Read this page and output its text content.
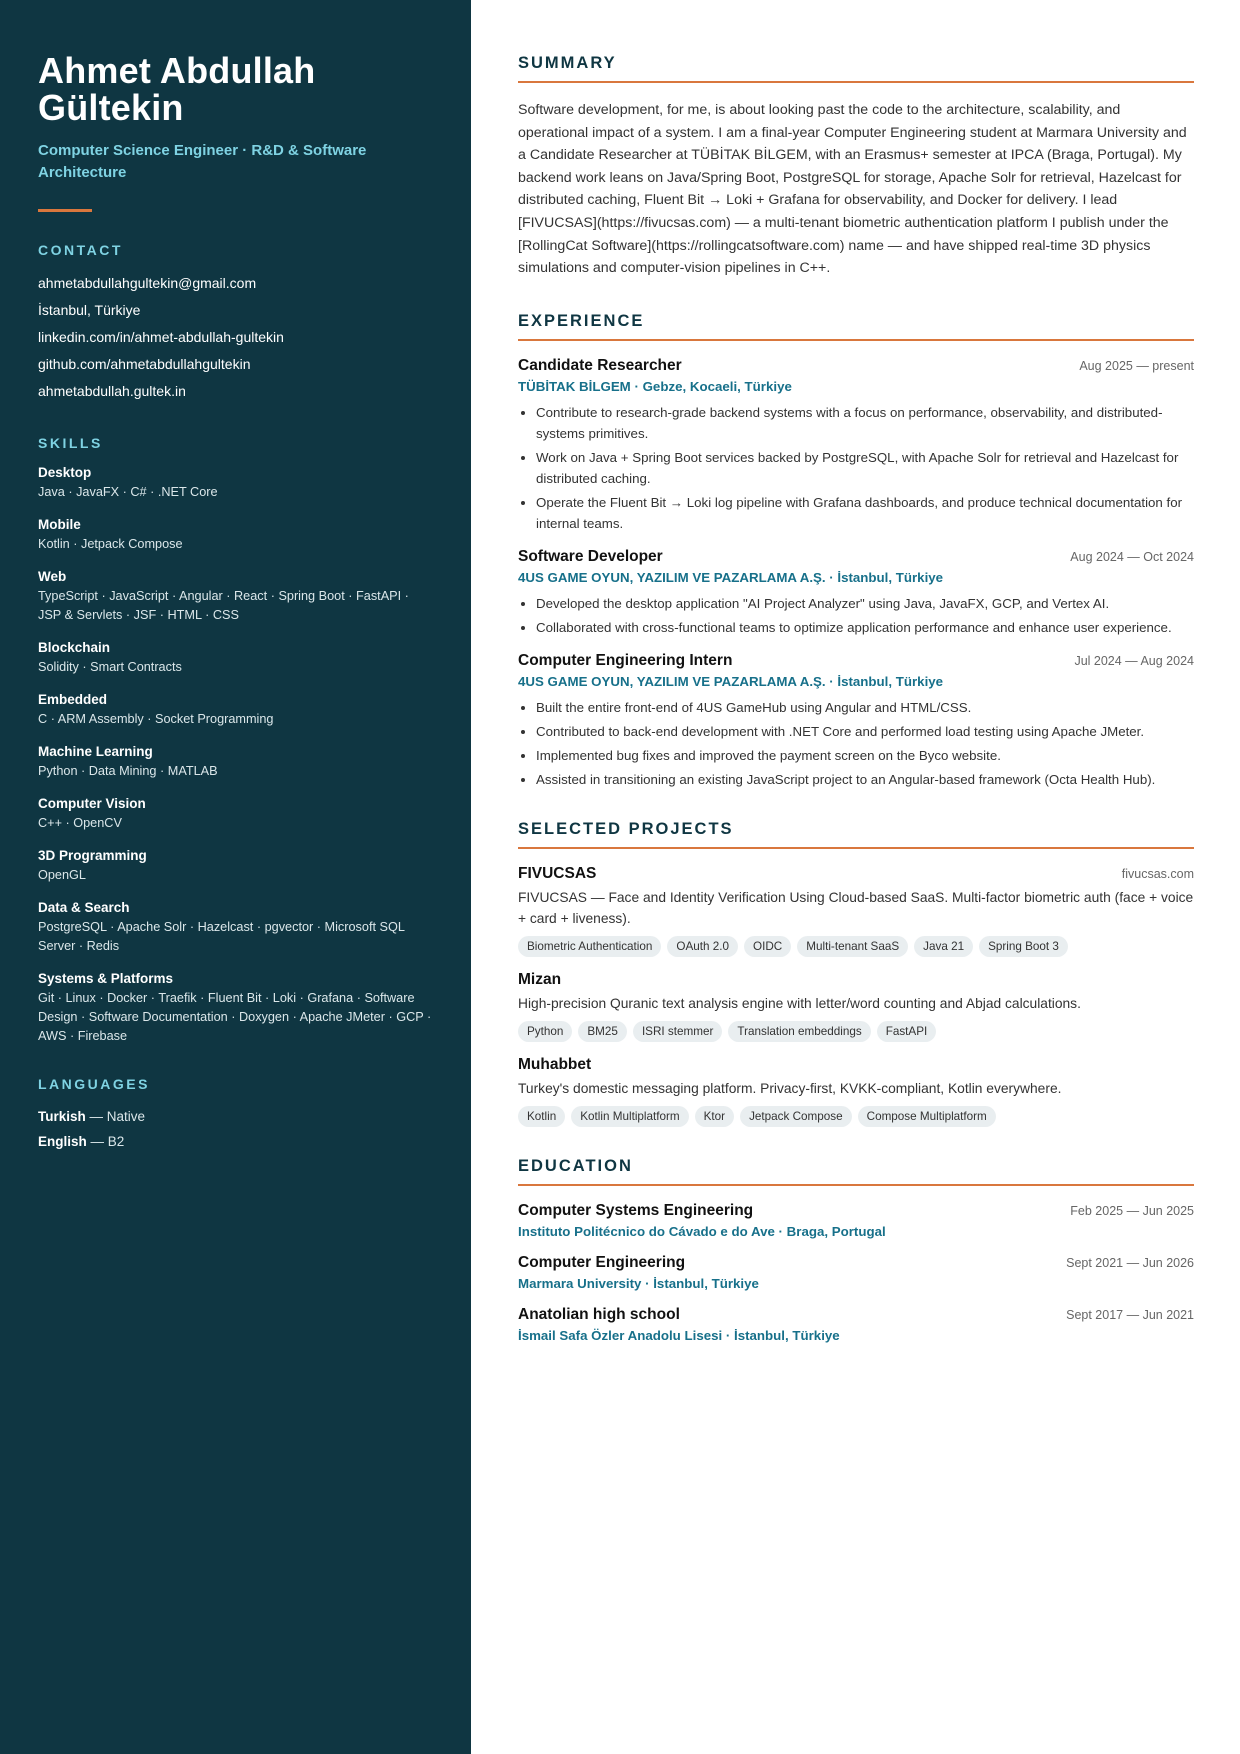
Ahmet Abdullah Gültekin
Computer Science Engineer · R&D & Software Architecture
CONTACT
ahmetabdullahgultekin@gmail.com
İstanbul, Türkiye
linkedin.com/in/ahmet-abdullah-gultekin
github.com/ahmetabdullahgultekin
ahmetabdullah.gultek.in
SKILLS
Desktop
Java · JavaFX · C# · .NET Core
Mobile
Kotlin · Jetpack Compose
Web
TypeScript · JavaScript · Angular · React · Spring Boot · FastAPI · JSP & Servlets · JSF · HTML · CSS
Blockchain
Solidity · Smart Contracts
Embedded
C · ARM Assembly · Socket Programming
Machine Learning
Python · Data Mining · MATLAB
Computer Vision
C++ · OpenCV
3D Programming
OpenGL
Data & Search
PostgreSQL · Apache Solr · Hazelcast · pgvector · Microsoft SQL Server · Redis
Systems & Platforms
Git · Linux · Docker · Traefik · Fluent Bit · Loki · Grafana · Software Design · Software Documentation · Doxygen · Apache JMeter · GCP · AWS · Firebase
LANGUAGES
Turkish — Native
English — B2
SUMMARY

Software development, for me, is about looking past the code to the architecture, scalability, and operational impact of a system. I am a final-year Computer Engineering student at Marmara University and a Candidate Researcher at TÜBİTAK BİLGEM, with an Erasmus+ semester at IPCA (Braga, Portugal). My backend work leans on Java/Spring Boot, PostgreSQL for storage, Apache Solr for retrieval, Hazelcast for distributed caching, Fluent Bit → Loki + Grafana for observability, and Docker for delivery. I lead [FIVUCSAS](https://fivucsas.com) — a multi-tenant biometric authentication platform I publish under the [RollingCat Software](https://rollingcatsoftware.com) name — and have shipped real-time 3D physics simulations and computer-vision pipelines in C++.

EXPERIENCE
Candidate Researcher	Aug 2025 — present
TÜBİTAK BİLGEM · Gebze, Kocaeli, Türkiye
• Contribute to research-grade backend systems with a focus on performance, observability, and distributed-systems primitives.
• Work on Java + Spring Boot services backed by PostgreSQL, with Apache Solr for retrieval and Hazelcast for distributed caching.
• Operate the Fluent Bit → Loki log pipeline with Grafana dashboards, and produce technical documentation for internal teams.
Software Developer	Aug 2024 — Oct 2024
4US GAME OYUN, YAZILIM VE PAZARLAMA A.Ş. · İstanbul, Türkiye
• Developed the desktop application "AI Project Analyzer" using Java, JavaFX, GCP, and Vertex AI.
• Collaborated with cross-functional teams to optimize application performance and enhance user experience.
Computer Engineering Intern	Jul 2024 — Aug 2024
4US GAME OYUN, YAZILIM VE PAZARLAMA A.Ş. · İstanbul, Türkiye
• Built the entire front-end of 4US GameHub using Angular and HTML/CSS.
• Contributed to back-end development with .NET Core and performed load testing using Apache JMeter.
• Implemented bug fixes and improved the payment screen on the Byco website.
• Assisted in transitioning an existing JavaScript project to an Angular-based framework (Octa Health Hub).
SELECTED PROJECTS
FIVUCSAS	fivucsas.com
FIVUCSAS — Face and Identity Verification Using Cloud-based SaaS. Multi-factor biometric auth (face + voice + card + liveness).
Biometric Authentication	OAuth 2.0	OIDC	Multi-tenant SaaS	Java 21	Spring Boot 3
Mizan
High-precision Quranic text analysis engine with letter/word counting and Abjad calculations.
Python	BM25	ISRI stemmer	Translation embeddings	FastAPI
Muhabbet
Turkey's domestic messaging platform. Privacy-first, KVKK-compliant, Kotlin everywhere.
Kotlin	Kotlin Multiplatform	Ktor	Jetpack Compose	Compose Multiplatform
EDUCATION
Computer Systems Engineering	Feb 2025 — Jun 2025
Instituto Politécnico do Cávado e do Ave · Braga, Portugal
Computer Engineering	Sept 2021 — Jun 2026
Marmara University · İstanbul, Türkiye
Anatolian high school	Sept 2017 — Jun 2021
İsmail Safa Özler Anadolu Lisesi · İstanbul, Türkiye
